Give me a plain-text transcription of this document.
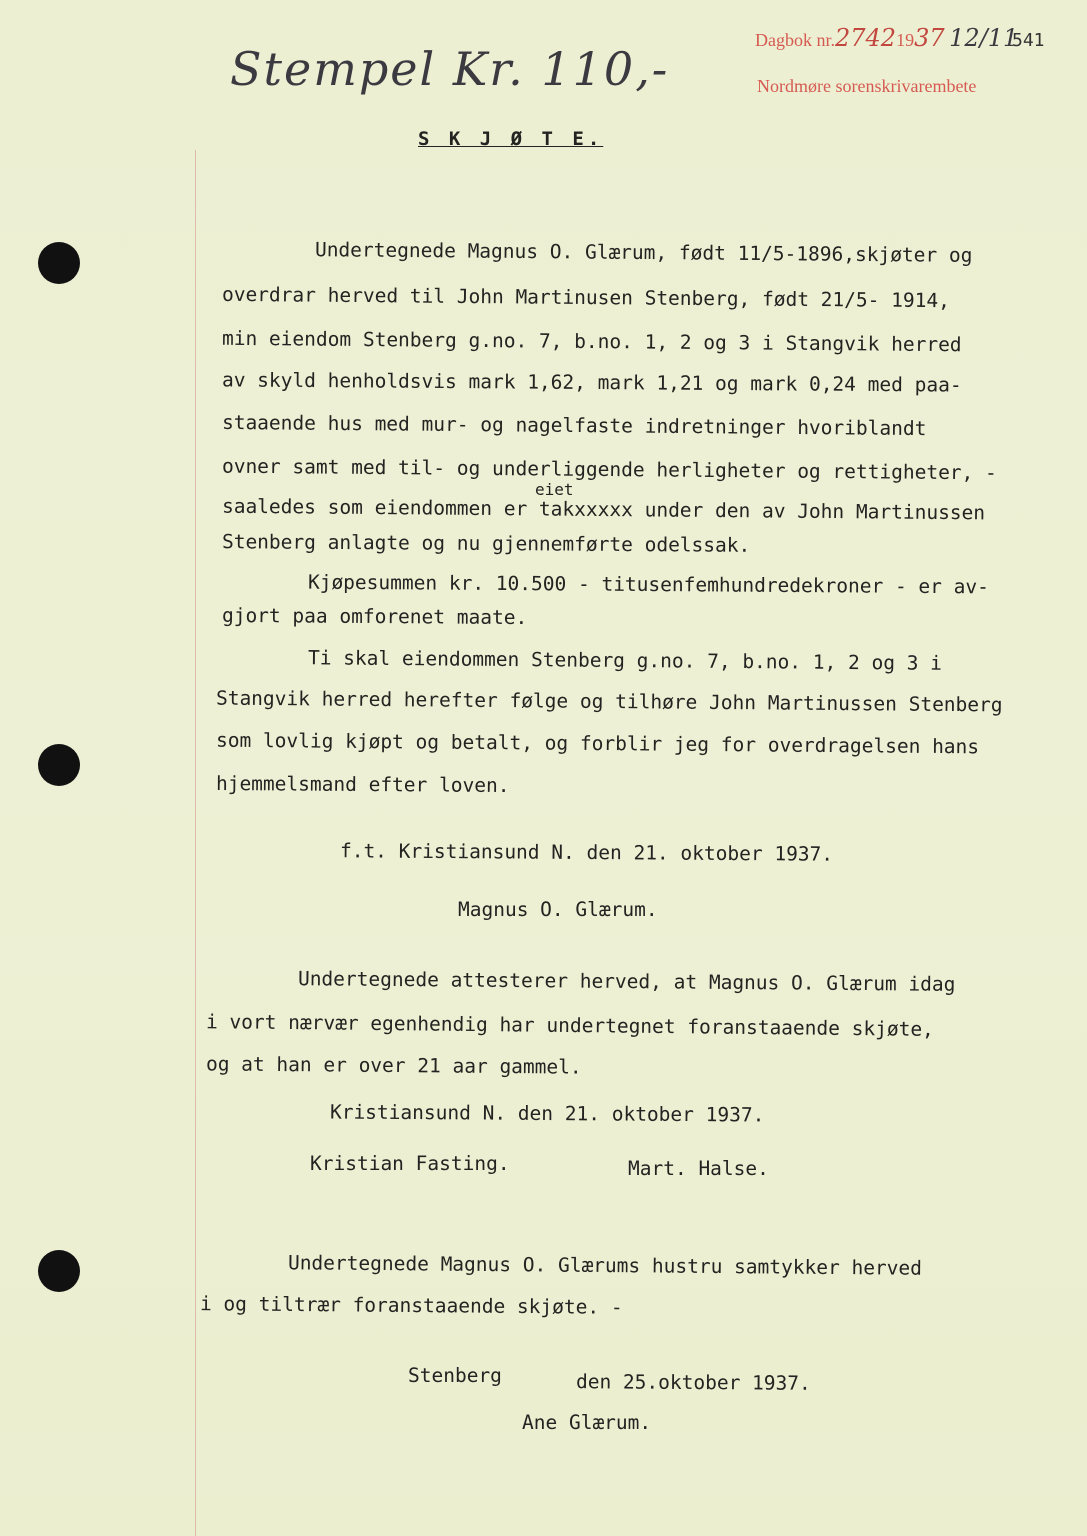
Stempel Kr. 110,-
Dagbok nr.27421937 12/11
Nordmøre sorenskrivarembete
541
S K J Ø T E.
Undertegnede Magnus O. Glærum, født 11/5-1896,skjøter og
overdrar herved til John Martinusen Stenberg, født 21/5- 1914,
min eiendom Stenberg g.no. 7, b.no. 1, 2 og 3 i Stangvik herred
av skyld henholdsvis mark 1,62, mark 1,21 og mark 0,24 med paa-
staaende hus med mur- og nagelfaste indretninger hvoriblandt
ovner samt med til- og underliggende herligheter og rettigheter, -
eiet
saaledes som eiendommen er takxxxxx under den av John Martinussen
Stenberg anlagte og nu gjennemførte odelssak.
Kjøpesummen kr. 10.500 - titusenfemhundredekroner - er av-
gjort paa omforenet maate.
Ti skal eiendommen Stenberg g.no. 7, b.no. 1, 2 og 3 i
Stangvik herred herefter følge og tilhøre John Martinussen Stenberg
som lovlig kjøpt og betalt, og forblir jeg for overdragelsen hans
hjemmelsmand efter loven.
f.t. Kristiansund N. den 21. oktober 1937.
Magnus O. Glærum.
Undertegnede attesterer herved, at Magnus O. Glærum idag
i vort nærvær egenhendig har undertegnet foranstaaende skjøte,
og at han er over 21 aar gammel.
Kristiansund N. den 21. oktober 1937.
Kristian Fasting.	Mart. Halse.
Undertegnede Magnus O. Glærums hustru samtykker herved
i og tiltrær foranstaaende skjøte. -
Stenberg	den 25.oktober 1937.
Ane Glærum.
